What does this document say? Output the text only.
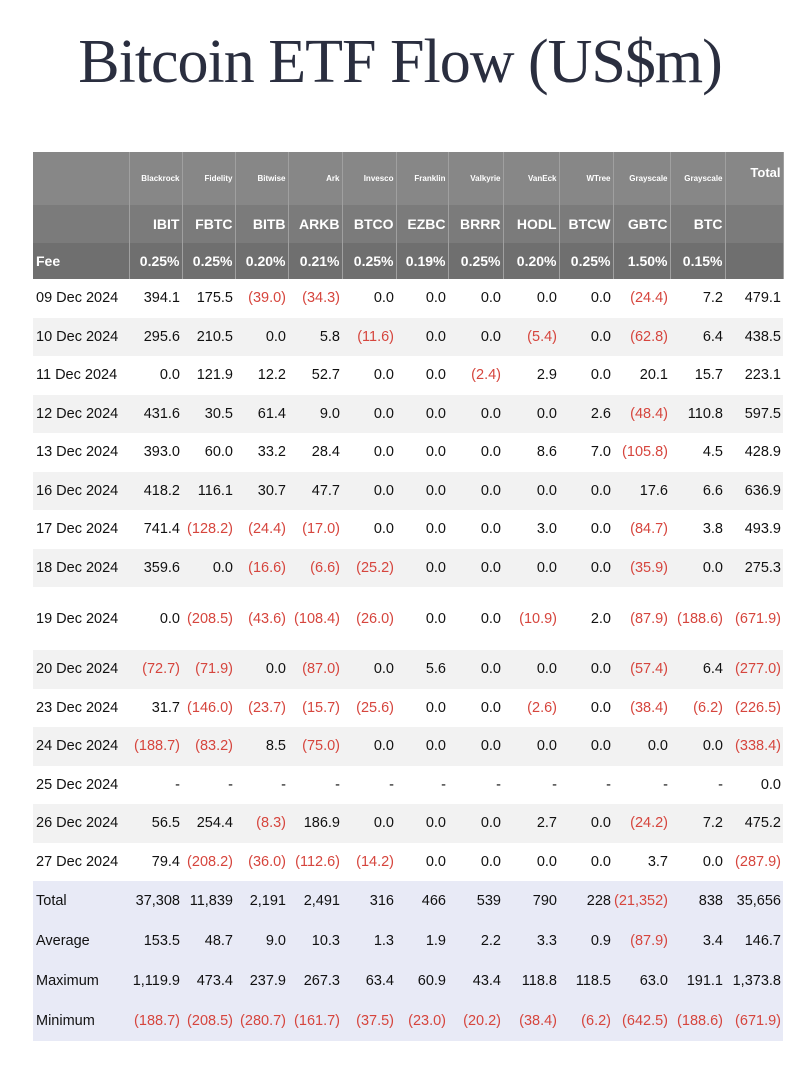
Bitcoin ETF Flow (US$m)
	Blackrock	Fidelity	Bitwise	Ark	Invesco	Franklin	Valkyrie	VanEck	WTree	Grayscale	Grayscale	Total
	IBIT	FBTC	BITB	ARKB	BTCO	EZBC	BRRR	HODL	BTCW	GBTC	BTC	
Fee	0.25%	0.25%	0.20%	0.21%	0.25%	0.19%	0.25%	0.20%	0.25%	1.50%	0.15%	
09 Dec 2024	394.1	175.5	(39.0)	(34.3)	0.0	0.0	0.0	0.0	0.0	(24.4)	7.2	479.1
10 Dec 2024	295.6	210.5	0.0	5.8	(11.6)	0.0	0.0	(5.4)	0.0	(62.8)	6.4	438.5
11 Dec 2024	0.0	121.9	12.2	52.7	0.0	0.0	(2.4)	2.9	0.0	20.1	15.7	223.1
12 Dec 2024	431.6	30.5	61.4	9.0	0.0	0.0	0.0	0.0	2.6	(48.4)	110.8	597.5
13 Dec 2024	393.0	60.0	33.2	28.4	0.0	0.0	0.0	8.6	7.0	(105.8)	4.5	428.9
16 Dec 2024	418.2	116.1	30.7	47.7	0.0	0.0	0.0	0.0	0.0	17.6	6.6	636.9
17 Dec 2024	741.4	(128.2)	(24.4)	(17.0)	0.0	0.0	0.0	3.0	0.0	(84.7)	3.8	493.9
18 Dec 2024	359.6	0.0	(16.6)	(6.6)	(25.2)	0.0	0.0	0.0	0.0	(35.9)	0.0	275.3
19 Dec 2024	0.0	(208.5)	(43.6)	(108.4)	(26.0)	0.0	0.0	(10.9)	2.0	(87.9)	(188.6)	(671.9)
20 Dec 2024	(72.7)	(71.9)	0.0	(87.0)	0.0	5.6	0.0	0.0	0.0	(57.4)	6.4	(277.0)
23 Dec 2024	31.7	(146.0)	(23.7)	(15.7)	(25.6)	0.0	0.0	(2.6)	0.0	(38.4)	(6.2)	(226.5)
24 Dec 2024	(188.7)	(83.2)	8.5	(75.0)	0.0	0.0	0.0	0.0	0.0	0.0	0.0	(338.4)
25 Dec 2024	-	-	-	-	-	-	-	-	-	-	-	0.0
26 Dec 2024	56.5	254.4	(8.3)	186.9	0.0	0.0	0.0	2.7	0.0	(24.2)	7.2	475.2
27 Dec 2024	79.4	(208.2)	(36.0)	(112.6)	(14.2)	0.0	0.0	0.0	0.0	3.7	0.0	(287.9)
Total	37,308	11,839	2,191	2,491	316	466	539	790	228	(21,352)	838	35,656
Average	153.5	48.7	9.0	10.3	1.3	1.9	2.2	3.3	0.9	(87.9)	3.4	146.7
Maximum	1,119.9	473.4	237.9	267.3	63.4	60.9	43.4	118.8	118.5	63.0	191.1	1,373.8
Minimum	(188.7)	(208.5)	(280.7)	(161.7)	(37.5)	(23.0)	(20.2)	(38.4)	(6.2)	(642.5)	(188.6)	(671.9)
